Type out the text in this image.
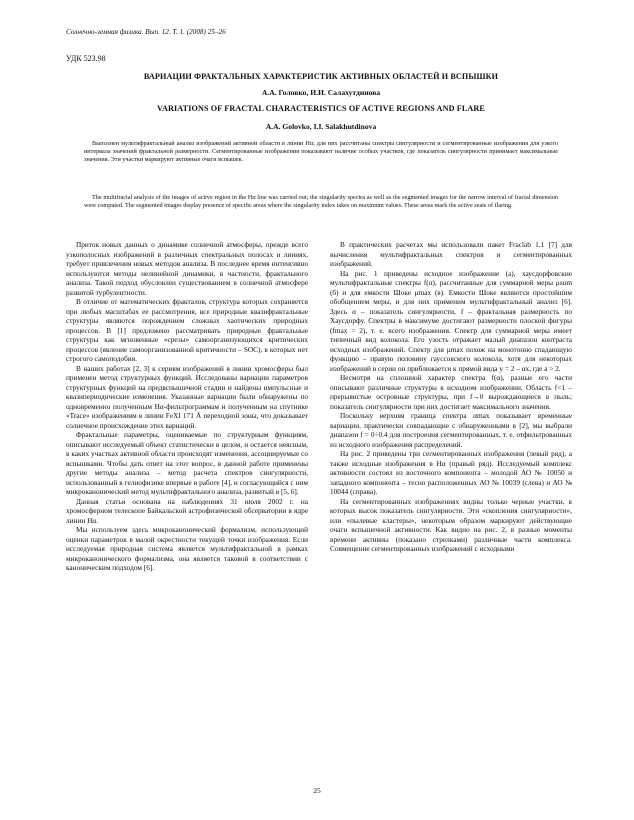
Солнечно-земная физика. Вып. 12. Т. 1. (2008) 25–26
УДК 523.98
ВАРИАЦИИ ФРАКТАЛЬНЫХ ХАРАКТЕРИСТИК АКТИВНЫХ ОБЛАСТЕЙ И ВСПЫШКИ
А.А. Головко, И.И. Салахутдинова
VARIATIONS OF FRACTAL CHARACTERISTICS OF ACTIVE REGIONS AND FLARE
A.A. Golovko, I.I. Salakhutdinova
Выполнен мультифрактальный анализ изображений активной области в линии Hα; для них рассчитаны спектры сингулярности и сегментированные изображения для узкого интервала значений фрактальной размерности. Сегментированные изображения показывают наличие особых участков, где показатель сингулярности принимает максимальные значения. Эти участки маркируют активные очаги вспышек.
The multifractal analysis of the images of active region in the Hα line was carried out; the singularity spectra as well as the segmented images for the narrow interval of fractal dimension were computed. The segmented images display presence of specific areas where the singularity index takes on maximum values. These areas mark the active seats of flaring.

Приток новых данных о динамике солнечной атмосферы, прежде всего узкополосных изображений в различных спектральных полосах и линиях, требует привлечения новых методов анализа. В последнее время интенсивно используются методы нелинейной динамики, в частности, фрактального анализа. Такой подход обусловлен существованием в солнечной атмосфере развитой турбулентности.

В отличие от математических фракталов, структура которых сохраняется при любых масштабах ее рассмотрения, все природные квазифрактальные структуры являются порождением сложных хаотических природных процессов. В [1] предложено рассматривать природные фрактальные структуры как мгновенные «срезы» самоорганизующихся критических процессов (явление самоорганизованной критичности – SOC), в которых нет строгого самоподобия.

В наших работах [2, 3] к сериям изображений в линии хромосферы был применен метод структурных функций. Исследованы вариации параметров структурных функций на предвспышечной стадии и найдены импульсные и квазипериодические изменения. Указанные вариации были обнаружены по одновременно полученным Hα-фильтрограммам и полученным на спутнике «Trace» изображениям в линии FeXI 171 Å переходной зоны, что доказывает солнечное происхождение этих вариаций.

Фрактальные параметры, оцениваемые по структурным функциям, описывают исследуемый объект статистически в целом, и остается неясным, в каких участках активной области происходят изменения, ассоциируемые со вспышками. Чтобы дать ответ на этот вопрос, в данной работе применены другие методы анализа – метод расчета спектров сингулярности, использованный в гелиофизике впервые в работе [4], и согласующийся с ним микроканонический метод мультифрактального анализа, развитый в [5, 6].

Данная статья основана на наблюдениях 31 июля 2002 г. на хромосферном телескопе Байкальской астрофизической обсерватории в ядре линии Hα.

Мы используем здесь микроканонический формализм, использующий оценки параметров в малой окрестности текущей точки изображения. Если исследуемая природная система является мультифрактальной в рамках микроканонического формализма, она является таковой в соответствии с каноническим подходом [6].

В практических расчетах мы использовали пакет Fraclab 1.1 [7] для вычисления мультифрактальных спектров и сегментированных изображений.

На рис. 1 приведены исходное изображение (а), хаусдорфовские мультифрактальные спектры f(α), рассчитанные для суммарной меры μsum (б) и для емкости Шоке μmax (в). Емкости Шоке являются простейшим обобщением меры, и для них применим мультифрактальный анализ [6]. Здесь α – показатель сингулярности, f – фрактальная размерность по Хаусдорфу. Спектры в максимуме достигают размерности плоской фигуры (fmax = 2), т. е. всего изображения. Спектр для суммарной меры имеет типичный вид колокола. Его узость отражает малый диапазон контраста исходных изображений. Спектр для μmax похож на монотонно спадающую функцию – правую половину гауссовского колокола, хотя для некоторых изображений в серии он приближается к прямой вида y = 2 – αx, где a > 2.

Несмотря на сплошной характер спектра f(α), разные его части описывают различные структуры в исходном изображении. Область f<1 – прерывистые островные структуры, при f→0 вырождающиеся в пыль; показатель сингулярности при них достигает максимального значения.

Поскольку верхняя граница спектра αmax показывает временные вариации, практически совпадающие с обнаруженными в [2], мы выбрали диапазон f = 0÷0.4 для построения сегментированных, т. е. отфильтрованных из исходного изображения распределений.

На рис. 2 приведены три сегментированных изображения (левый ряд), а также исходные изображения в Hα (правый ряд). Исследуемый комплекс активности состоял из восточного компонента – молодой АО № 10050 и западного компонента – тесно расположенных АО № 10039 (слева) и АО № 10044 (справа).

На сегментированных изображениях видны только черные участки, в которых высок показатель сингулярности. Эти «скопления сингулярности», или «пылевые кластеры», некоторым образом маркируют действующие очаги вспышечной активности. Как видно на рис. 2, в разные моменты времени активны (показано стрелками) различные части комплекса. Совмещение сегментированных изображений с исходными

25
